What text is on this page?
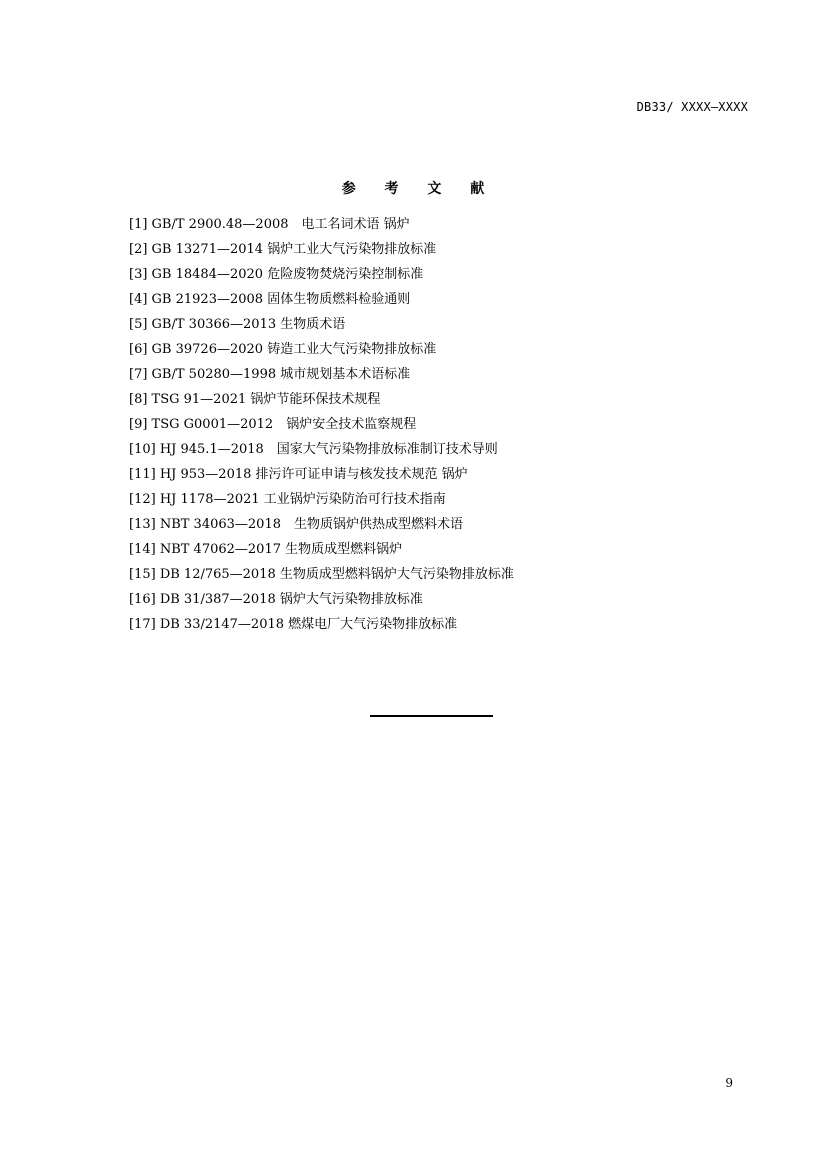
DB33/ XXXX—XXXX
参 考 文 献
[1] GB/T 2900.48—2008　电工名词术语 锅炉
[2] GB 13271—2014 锅炉工业大气污染物排放标准
[3] GB 18484—2020 危险废物焚烧污染控制标准
[4] GB 21923—2008 固体生物质燃料检验通则
[5] GB/T 30366—2013 生物质术语
[6] GB 39726—2020 铸造工业大气污染物排放标准
[7] GB/T 50280—1998 城市规划基本术语标准
[8] TSG 91—2021 锅炉节能环保技术规程
[9] TSG G0001—2012　锅炉安全技术监察规程
[10] HJ 945.1—2018　国家大气污染物排放标准制订技术导则
[11] HJ 953—2018 排污许可证申请与核发技术规范 锅炉
[12] HJ 1178—2021 工业锅炉污染防治可行技术指南
[13] NBT 34063—2018　生物质锅炉供热成型燃料术语
[14] NBT 47062—2017 生物质成型燃料锅炉
[15] DB 12/765—2018 生物质成型燃料锅炉大气污染物排放标准
[16] DB 31/387—2018 锅炉大气污染物排放标准
[17] DB 33/2147—2018 燃煤电厂大气污染物排放标准
9
